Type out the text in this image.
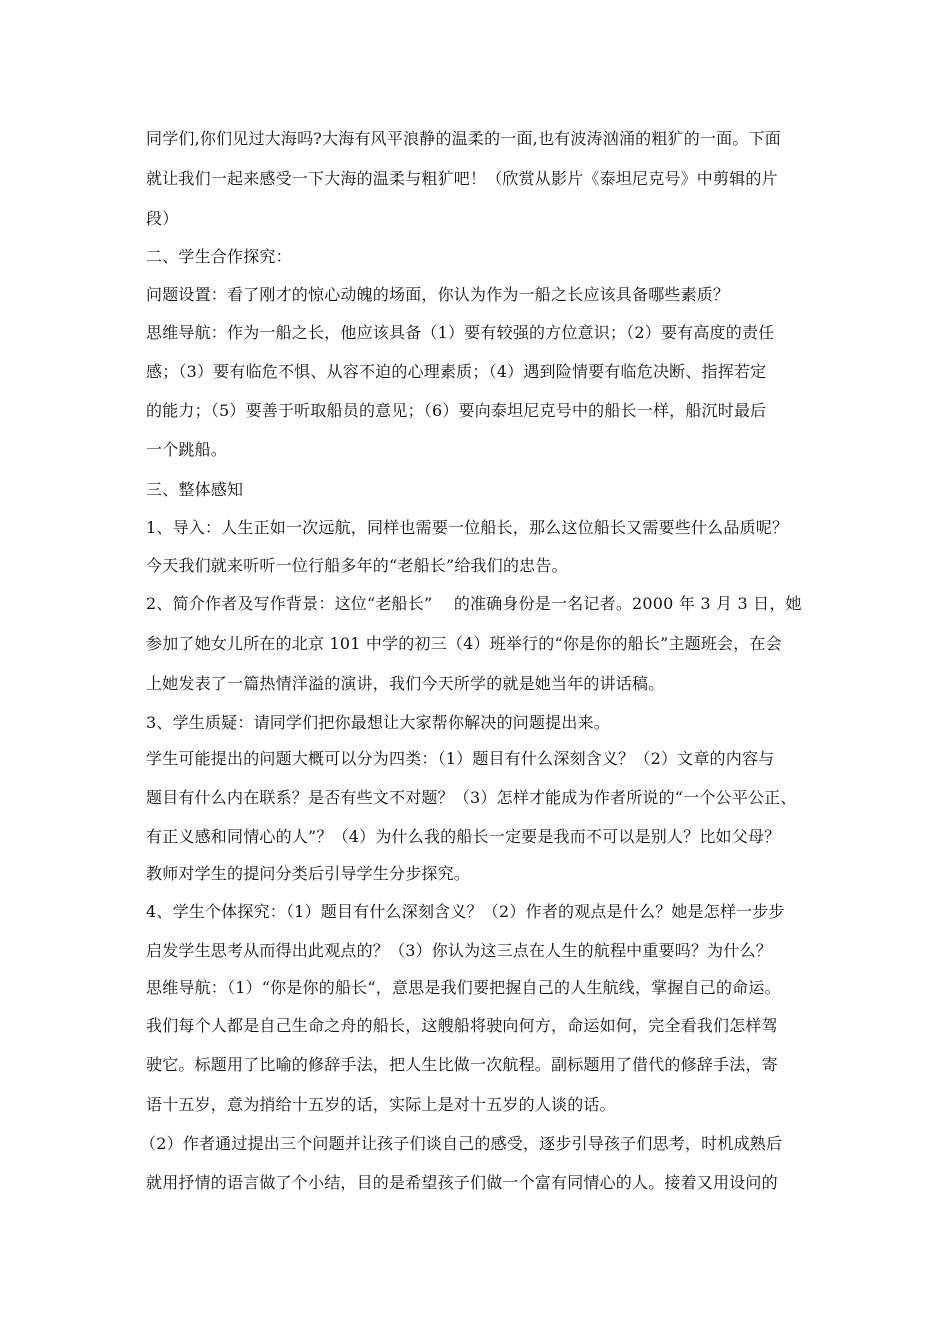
同学们,你们见过大海吗?大海有风平浪静的温柔的一面,也有波涛汹涌的粗犷的一面。下面
就让我们一起来感受一下大海的温柔与粗犷吧！（欣赏从影片《泰坦尼克号》中剪辑的片
段）
二、学生合作探究：
问题设置：看了刚才的惊心动魄的场面，你认为作为一船之长应该具备哪些素质？
思维导航：作为一船之长，他应该具备（1）要有较强的方位意识；（2）要有高度的责任
感；（3）要有临危不惧、从容不迫的心理素质；（4）遇到险情要有临危决断、指挥若定
的能力；（5）要善于听取船员的意见；（6）要向泰坦尼克号中的船长一样，船沉时最后
一个跳船。
三、整体感知
1、导入：人生正如一次远航，同样也需要一位船长，那么这位船长又需要些什么品质呢？
今天我们就来听听一位行船多年的“老船长”给我们的忠告。
2、简介作者及写作背景：这位“老船长”　 的准确身份是一名记者。2000 年 3 月 3 日，她
参加了她女儿所在的北京 101 中学的初三（4）班举行的“你是你的船长”主题班会，在会
上她发表了一篇热情洋溢的演讲，我们今天所学的就是她当年的讲话稿。
3、学生质疑：请同学们把你最想让大家帮你解决的问题提出来。
学生可能提出的问题大概可以分为四类：（1）题目有什么深刻含义？（2）文章的内容与
题目有什么内在联系？是否有些文不对题？（3）怎样才能成为作者所说的“一个公平公正、
有正义感和同情心的人”？（4）为什么我的船长一定要是我而不可以是别人？比如父母？
教师对学生的提问分类后引导学生分步探究。
4、学生个体探究：（1）题目有什么深刻含义？（2）作者的观点是什么？她是怎样一步步
启发学生思考从而得出此观点的？（3）你认为这三点在人生的航程中重要吗？为什么？
思维导航：（1）“你是你的船长“，意思是我们要把握自己的人生航线，掌握自己的命运。
我们每个人都是自己生命之舟的船长，这艘船将驶向何方，命运如何，完全看我们怎样驾
驶它。标题用了比喻的修辞手法，把人生比做一次航程。副标题用了借代的修辞手法，寄
语十五岁，意为捎给十五岁的话，实际上是对十五岁的人谈的话。
（2）作者通过提出三个问题并让孩子们谈自己的感受，逐步引导孩子们思考，时机成熟后
就用抒情的语言做了个小结，目的是希望孩子们做一个富有同情心的人。接着又用设问的
